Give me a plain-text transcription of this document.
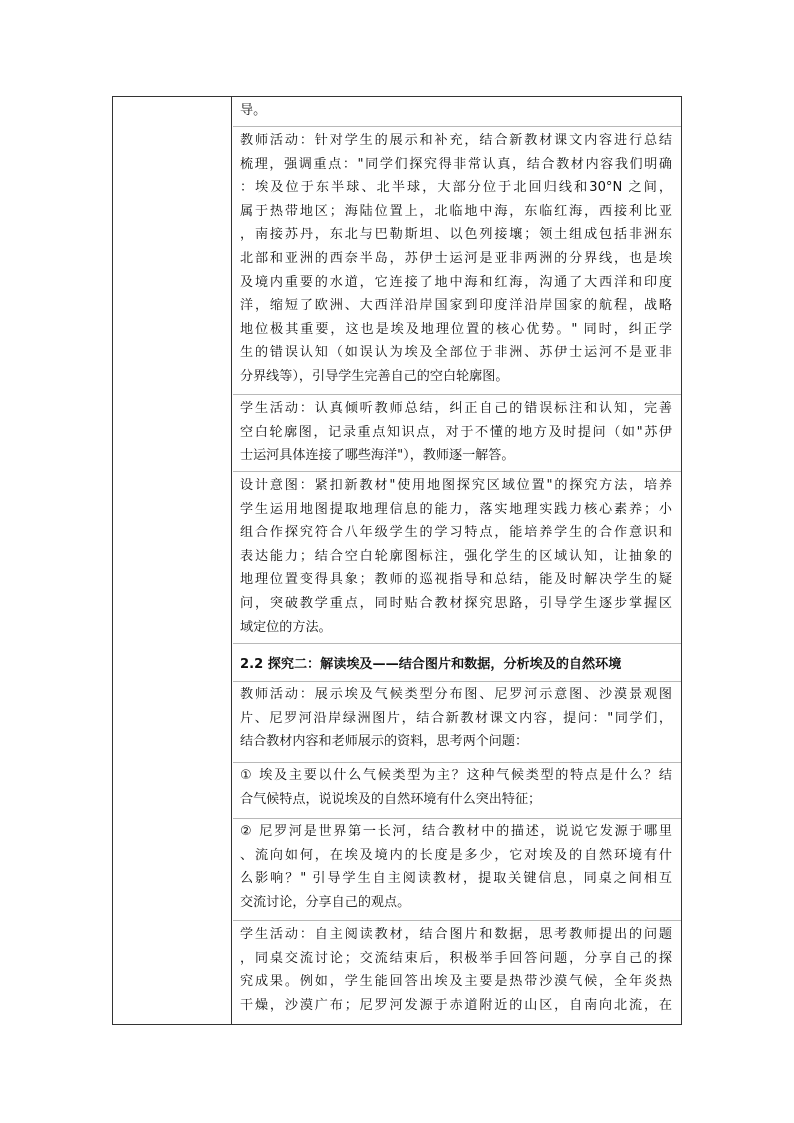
导。
教师活动：针对学生的展示和补充，结合新教材课文内容进行总结
梳理，强调重点："同学们探究得非常认真，结合教材内容我们明确
：埃及位于东半球、北半球，大部分位于北回归线和30°N 之间，
属于热带地区；海陆位置上，北临地中海，东临红海，西接利比亚
，南接苏丹，东北与巴勒斯坦、以色列接壤；领土组成包括非洲东
北部和亚洲的西奈半岛，苏伊士运河是亚非两洲的分界线，也是埃
及境内重要的水道，它连接了地中海和红海，沟通了大西洋和印度
洋，缩短了欧洲、大西洋沿岸国家到印度洋沿岸国家的航程，战略
地位极其重要，这也是埃及地理位置的核心优势。" 同时，纠正学
生的错误认知（如误认为埃及全部位于非洲、苏伊士运河不是亚非
分界线等），引导学生完善自己的空白轮廓图。
学生活动：认真倾听教师总结，纠正自己的错误标注和认知，完善
空白轮廓图，记录重点知识点，对于不懂的地方及时提问（如"苏伊
士运河具体连接了哪些海洋"），教师逐一解答。
设计意图：紧扣新教材"使用地图探究区域位置"的探究方法，培养
学生运用地图提取地理信息的能力，落实地理实践力核心素养；小
组合作探究符合八年级学生的学习特点，能培养学生的合作意识和
表达能力；结合空白轮廓图标注，强化学生的区域认知，让抽象的
地理位置变得具象；教师的巡视指导和总结，能及时解决学生的疑
问，突破教学重点，同时贴合教材探究思路，引导学生逐步掌握区
域定位的方法。
2.2 探究二：解读埃及——结合图片和数据，分析埃及的自然环境
教师活动：展示埃及气候类型分布图、尼罗河示意图、沙漠景观图
片、尼罗河沿岸绿洲图片，结合新教材课文内容，提问："同学们，
结合教材内容和老师展示的资料，思考两个问题：
① 埃及主要以什么气候类型为主？这种气候类型的特点是什么？结
合气候特点，说说埃及的自然环境有什么突出特征；
② 尼罗河是世界第一长河，结合教材中的描述，说说它发源于哪里
、流向如何，在埃及境内的长度是多少，它对埃及的自然环境有什
么影响？" 引导学生自主阅读教材，提取关键信息，同桌之间相互
交流讨论，分享自己的观点。
学生活动：自主阅读教材，结合图片和数据，思考教师提出的问题
，同桌交流讨论；交流结束后，积极举手回答问题，分享自己的探
究成果。例如，学生能回答出埃及主要是热带沙漠气候，全年炎热
干燥，沙漠广布；尼罗河发源于赤道附近的山区，自南向北流，在
